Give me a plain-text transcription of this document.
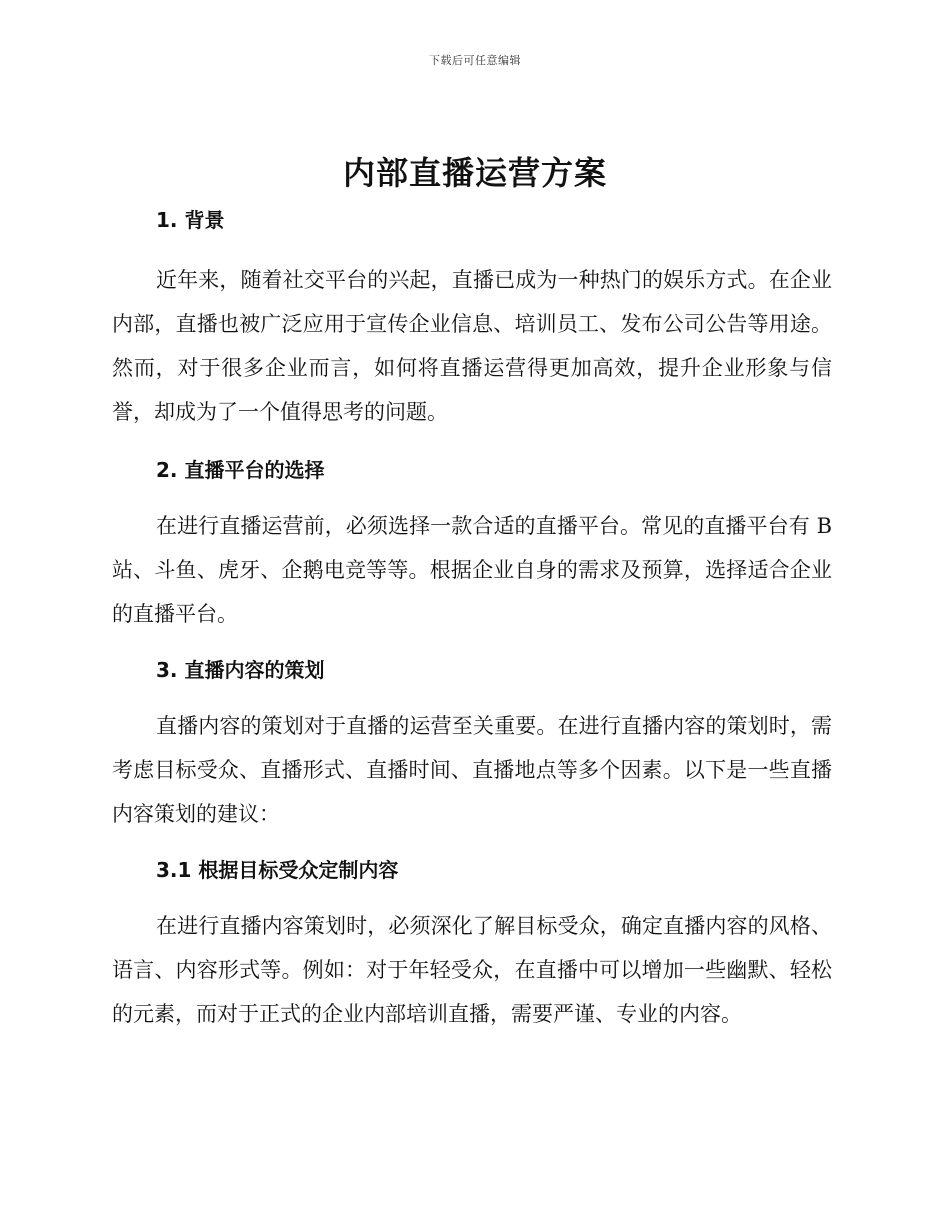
下载后可任意编辑
内部直播运营方案
1. 背景

近年来，随着社交平台的兴起，直播已成为一种热门的娱乐方式。在企业内部，直播也被广泛应用于宣传企业信息、培训员工、发布公司公告等用途。然而，对于很多企业而言，如何将直播运营得更加高效，提升企业形象与信誉，却成为了一个值得思考的问题。

2. 直播平台的选择

在进行直播运营前，必须选择一款合适的直播平台。常见的直播平台有 B 站、斗鱼、虎牙、企鹅电竞等等。根据企业自身的需求及预算，选择适合企业的直播平台。

3. 直播内容的策划

直播内容的策划对于直播的运营至关重要。在进行直播内容的策划时，需考虑目标受众、直播形式、直播时间、直播地点等多个因素。以下是一些直播内容策划的建议：

3.1 根据目标受众定制内容

在进行直播内容策划时，必须深化了解目标受众，确定直播内容的风格、语言、内容形式等。例如：对于年轻受众，在直播中可以增加一些幽默、轻松的元素，而对于正式的企业内部培训直播，需要严谨、专业的内容。
